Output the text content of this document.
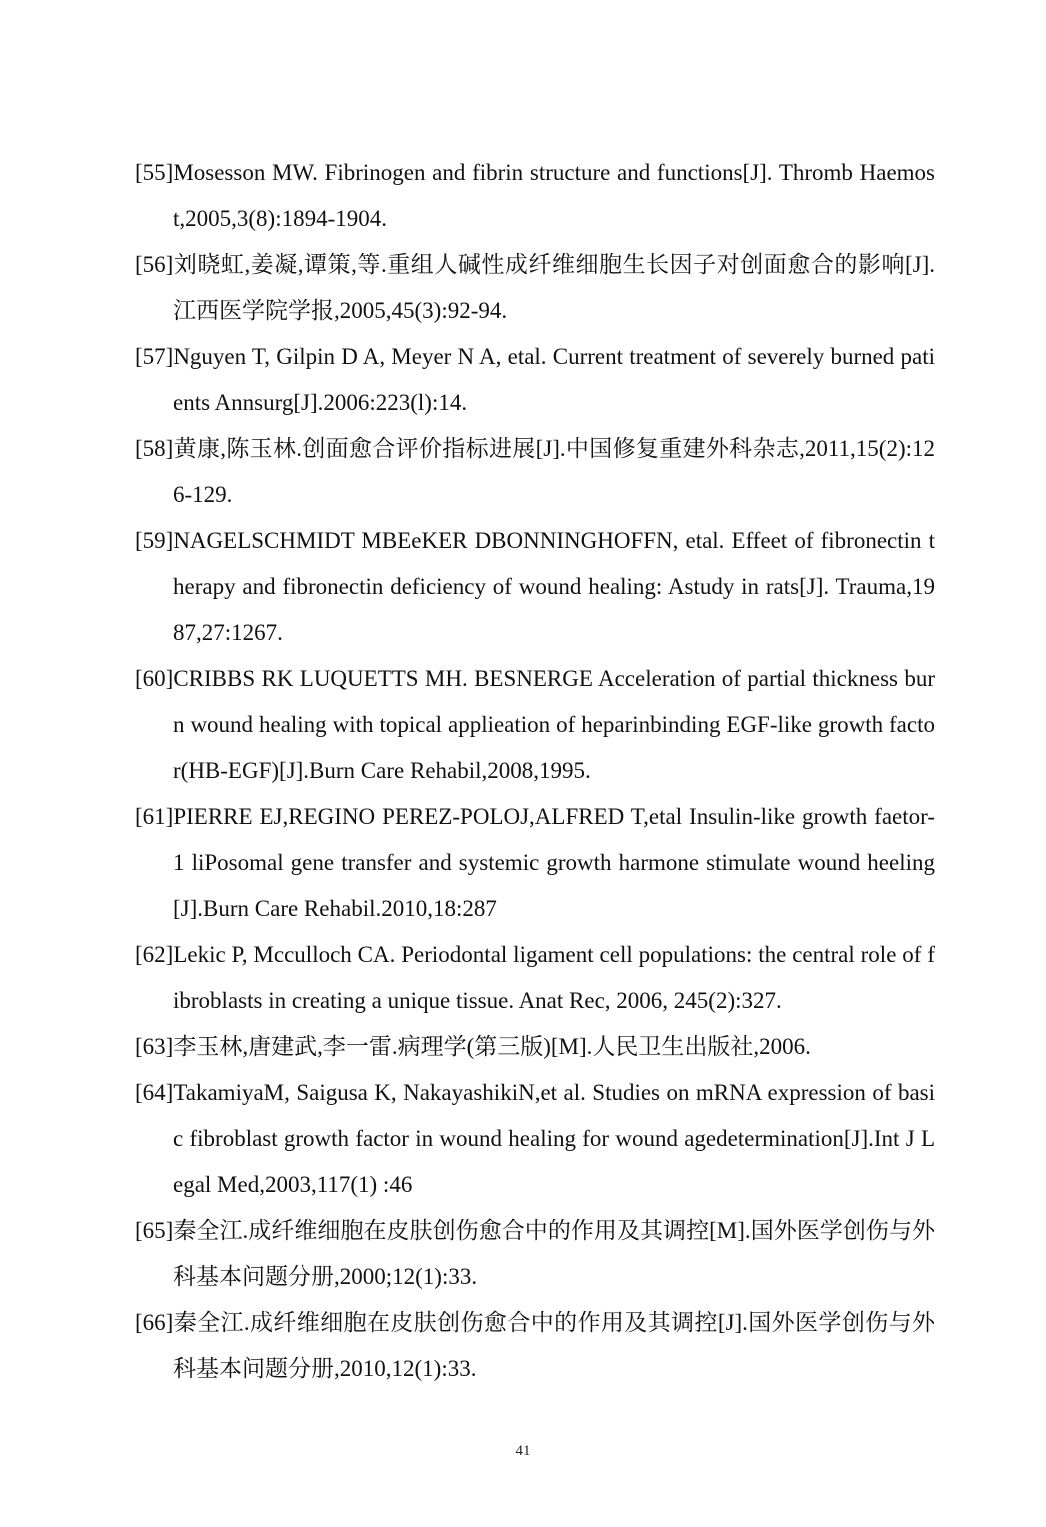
[55]Mosesson MW. Fibrinogen and fibrin structure and functions[J]. Thromb Haemost,2005,3(8):1894-1904.
[56]刘晓虹,姜凝,谭策,等.重组人碱性成纤维细胞生长因子对创面愈合的影响[J].江西医学院学报,2005,45(3):92-94.
[57]Nguyen T, Gilpin D A, Meyer N A, etal. Current treatment of severely burned patients Annsurg[J].2006:223(l):14.
[58]黄康,陈玉林.创面愈合评价指标进展[J].中国修复重建外科杂志,2011,15(2):126-129.
[59]NAGELSCHMIDT MBEeKER DBONNINGHOFFN, etal. Effeet of fibronectin therapy and fibronectin deficiency of wound healing: Astudy in rats[J]. Trauma,1987,27:1267.
[60]CRIBBS RK LUQUETTS MH. BESNERGE Acceleration of partial thickness burn wound healing with topical applieation of heparinbinding EGF-like growth factor(HB-EGF)[J].Burn Care Rehabil,2008,1995.
[61]PIERRE EJ,REGINO PEREZ-POLOJ,ALFRED T,etal Insulin-like growth faetor-1 liPosomal gene transfer and systemic growth harmone stimulate wound heeling[J].Burn Care Rehabil.2010,18:287
[62]Lekic P, Mcculloch CA. Periodontal ligament cell populations: the central role of fibroblasts in creating a unique tissue. Anat Rec, 2006, 245(2):327.
[63]李玉林,唐建武,李一雷.病理学(第三版)[M].人民卫生出版社,2006.
[64]TakamiyaM, Saigusa K, NakayashikiN,et al. Studies on mRNA expression of basic fibroblast growth factor in wound healing for wound agedetermination[J].Int J Legal Med,2003,117(1) :46
[65]秦全江.成纤维细胞在皮肤创伤愈合中的作用及其调控[M].国外医学创伤与外科基本问题分册,2000;12(1):33.
[66]秦全江.成纤维细胞在皮肤创伤愈合中的作用及其调控[J].国外医学创伤与外科基本问题分册,2010,12(1):33.
41
